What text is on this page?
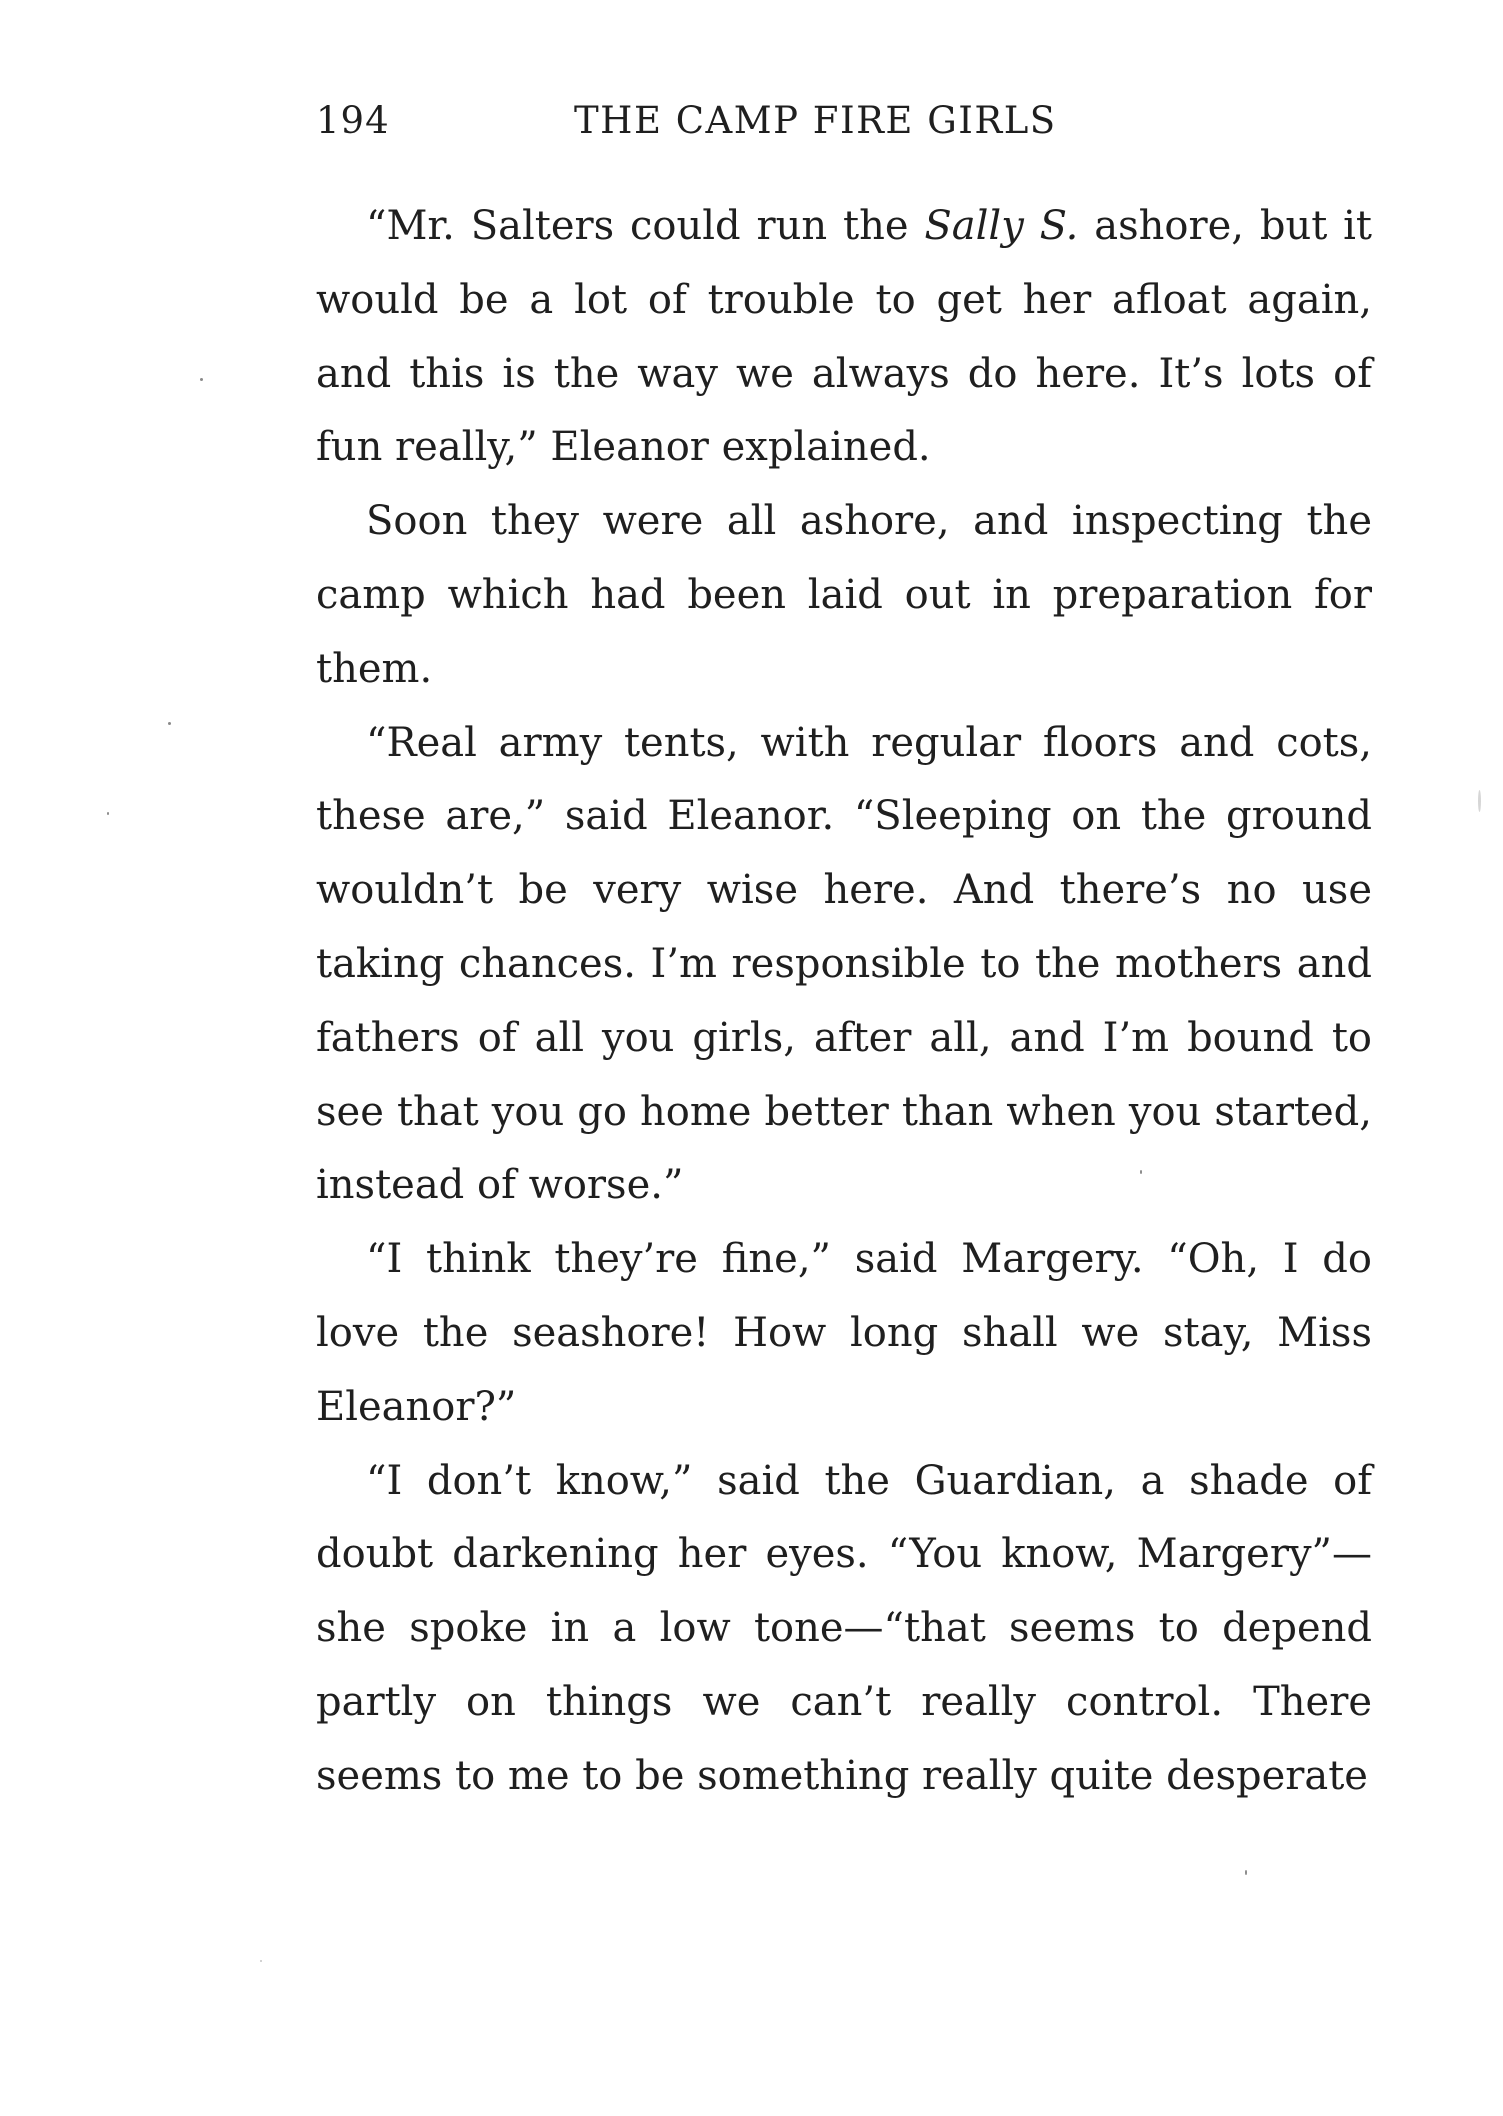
194	THE CAMP FIRE GIRLS

“Mr. Salters could run the Sally S. ashore, but it would be a lot of trouble to get her afloat again, and this is the way we always do here. It’s lots of fun really,” Eleanor explained.

Soon they were all ashore, and inspecting the camp which had been laid out in preparation for them.

“Real army tents, with regular floors and cots, these are,” said Eleanor. “Sleeping on the ground wouldn’t be very wise here. And there’s no use taking chances. I’m responsible to the mothers and fathers of all you girls, after all, and I’m bound to see that you go home better than when you started, instead of worse.”

“I think they’re fine,” said Margery. “Oh, I do love the seashore! How long shall we stay, Miss Eleanor?”

“I don’t know,” said the Guardian, a shade of doubt darkening her eyes. “You know, Margery”—she spoke in a low tone—“that seems to depend partly on things we can’t really control. There seems to me to be something really quite desperate
